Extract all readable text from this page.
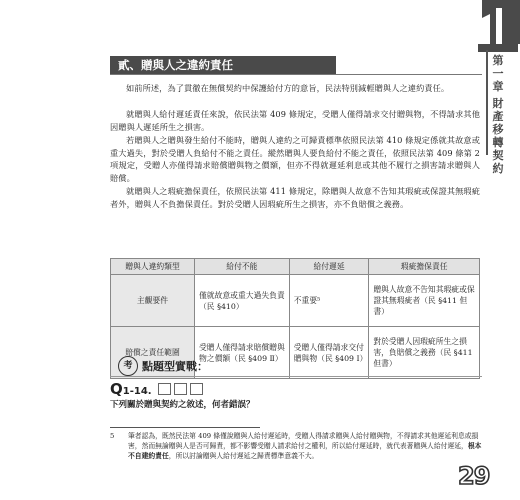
第一章
財產移轉契約
貳、贈與人之違約責任
如前所述，為了貫徹在無償契約中保護給付方的意旨，民法特別減輕贈與人之違約責任。
就贈與人給付遲延責任來說，依民法第 409 條規定，受贈人僅得請求交付贈與物，不得請求其他因贈與人遲延所生之損害。
若贈與人之贈與發生給付不能時，贈與人違約之可歸責標準依照民法第 410 條規定係就其故意或重大過失，對於受贈人負給付不能之責任。縱然贈與人要負給付不能之責任，依照民法第 409 條第 2 項規定，受贈人亦僅得請求賠償贈與物之價額，但亦不得就遲延利息或其他不履行之損害請求贈與人賠償。
就贈與人之瑕疵擔保責任，依照民法第 411 條規定，除贈與人故意不告知其瑕疵或保證其無瑕疵者外，贈與人不負擔保責任。對於受贈人因瑕疵所生之損害，亦不負賠償之義務。
贈與人違約類型	給付不能	給付遲延	瑕疵擔保責任
主觀要件	僅就故意或重大過失負責（民 §410）	不重要⁵	贈與人故意不告知其瑕疵或保證其無瑕疵者（民 §411 但書）
賠償之責任範圍	受贈人僅得請求賠償贈與物之價額（民 §409 Ⅱ）	受贈人僅得請求交付贈與物（民 §409 Ⅰ）	對於受贈人因瑕疵所生之損害，負賠償之義務（民 §411 但書）
考 點題型實戰：
Q1-14.
下列關於贈與契約之敘述，何者錯誤？
5 筆者認為，既然民法第 409 條僅說贈與人給付遲延時，受贈人得請求贈與人給付贈與物，不得請求其他遲延利息或損害，然而無論贈與人是否可歸責，都不影響受贈人請求給付之權利，所以給付遲延時，就代表著贈與人給付遲延，根本不自建約責任，所以討論贈與人給付遲延之歸責標準意義不大。
29
